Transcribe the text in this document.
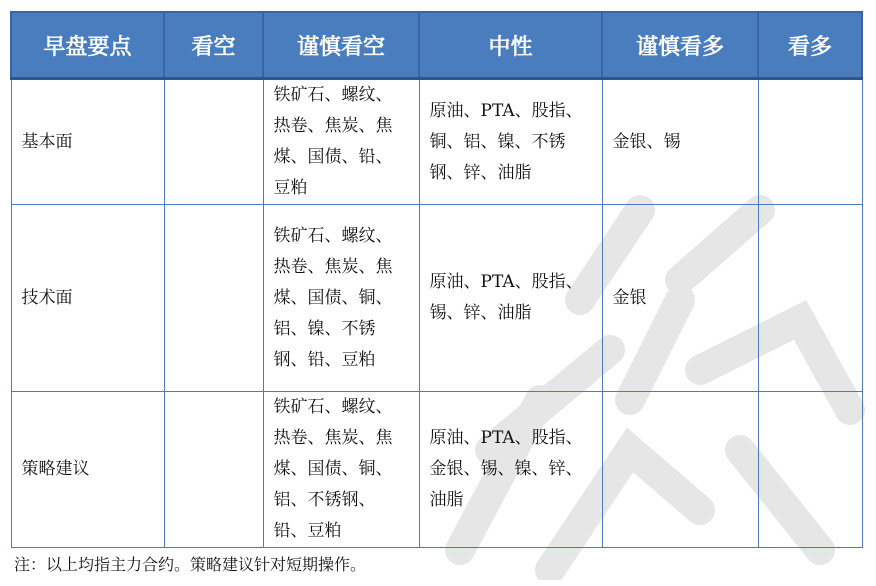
早盘要点	看空	谨慎看空	中性	谨慎看多	看多
基本面		铁矿石、螺纹、热卷、焦炭、焦煤、国债、铅、豆粕	原油、PTA、股指、铜、铝、镍、不锈钢、锌、油脂	金银、锡	
技术面		铁矿石、螺纹、热卷、焦炭、焦煤、国债、铜、铝、镍、不锈钢、铅、豆粕	原油、PTA、股指、锡、锌、油脂	金银	
策略建议		铁矿石、螺纹、热卷、焦炭、焦煤、国债、铜、铝、不锈钢、铅、豆粕	原油、PTA、股指、金银、锡、镍、锌、油脂		
注：以上均指主力合约。策略建议针对短期操作。
